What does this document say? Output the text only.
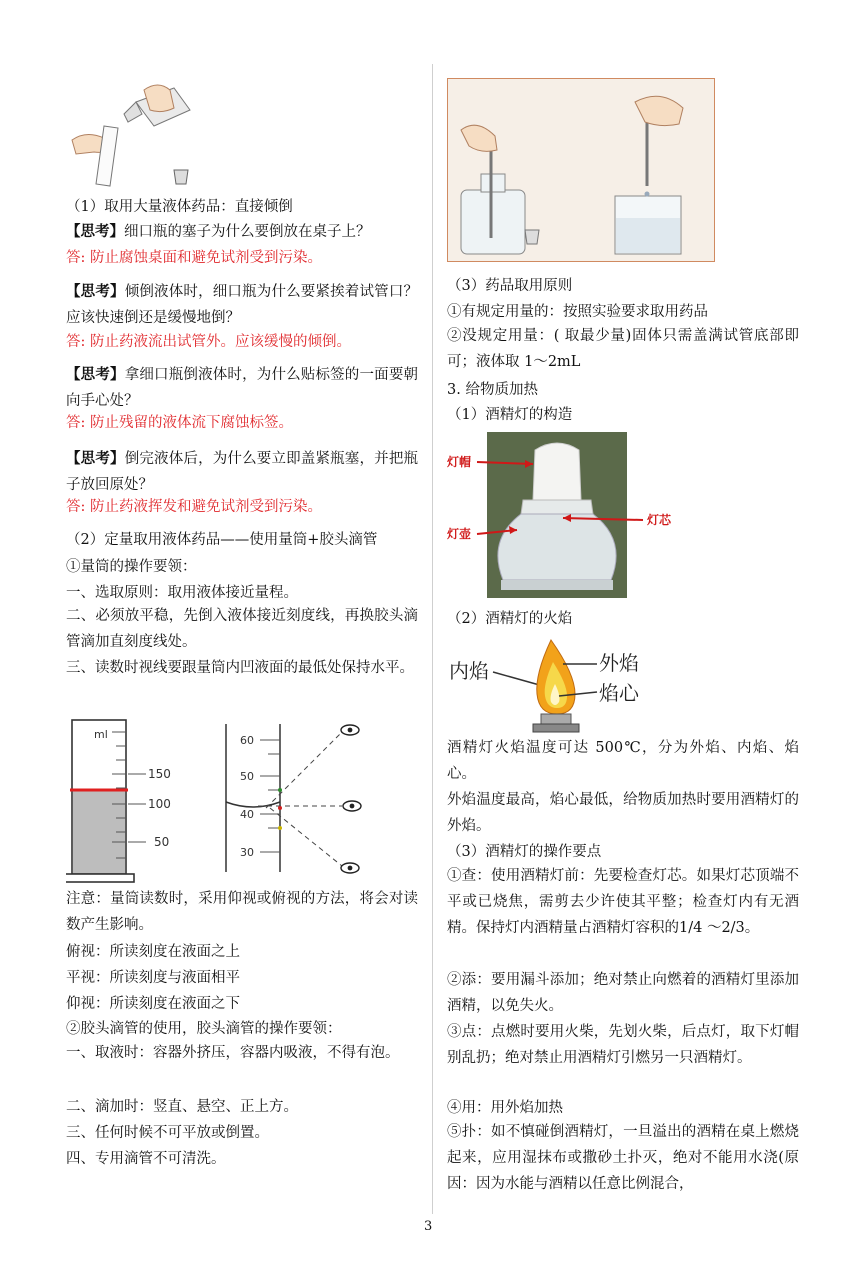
（1）取用大量液体药品：直接倾倒
【思考】细口瓶的塞子为什么要倒放在桌子上？
答: 防止腐蚀桌面和避免试剂受到污染。
【思考】倾倒液体时，细口瓶为什么要紧挨着试管口？应该快速倒还是缓慢地倒？
答: 防止药液流出试管外。应该缓慢的倾倒。
【思考】拿细口瓶倒液体时，为什么贴标签的一面要朝向手心处？
答: 防止残留的液体流下腐蚀标签。
【思考】倒完液体后，为什么要立即盖紧瓶塞，并把瓶子放回原处？
答: 防止药液挥发和避免试剂受到污染。
（2）定量取用液体药品——使用量筒+胶头滴管
①量筒的操作要领：
一、选取原则：取用液体接近量程。
二、必须放平稳，先倒入液体接近刻度线，再换胶头滴管滴加直刻度线处。
三、读数时视线要跟量筒内凹液面的最低处保持水平。
ml
150
100
50
60
50
40
30
注意：量筒读数时，采用仰视或俯视的方法，将会对读数产生影响。
俯视：所读刻度在液面之上
平视：所读刻度与液面相平
仰视：所读刻度在液面之下
②胶头滴管的使用，胶头滴管的操作要领：
一、取液时：容器外挤压，容器内吸液，不得有泡。
二、滴加时：竖直、悬空、正上方。
三、任何时候不可平放或倒置。
四、专用滴管不可清洗。
（3）药品取用原则
①有规定用量的：按照实验要求取用药品
②没规定用量：( 取最少量)固体只需盖满试管底部即可；液体取 1～2mL
3. 给物质加热
（1）酒精灯的构造
灯帽
灯壶
灯芯
（2）酒精灯的火焰
内焰	外焰
焰心
酒精灯火焰温度可达 500℃，分为外焰、内焰、焰心。
外焰温度最高，焰心最低，给物质加热时要用酒精灯的外焰。
（3）酒精灯的操作要点
①查：使用酒精灯前：先要检查灯芯。如果灯芯顶端不平或已烧焦，需剪去少许使其平整；检查灯内有无酒精。保持灯内酒精量占酒精灯容积的1/4 ～2/3。
②添：要用漏斗添加；绝对禁止向燃着的酒精灯里添加酒精，以免失火。
③点：点燃时要用火柴，先划火柴，后点灯，取下灯帽别乱扔；绝对禁止用酒精灯引燃另一只酒精灯。
④用：用外焰加热
⑤扑：如不慎碰倒酒精灯，一旦溢出的酒精在桌上燃烧起来，应用湿抹布或撒砂土扑灭，绝对不能用水浇(原因：因为水能与酒精以任意比例混合，
3
